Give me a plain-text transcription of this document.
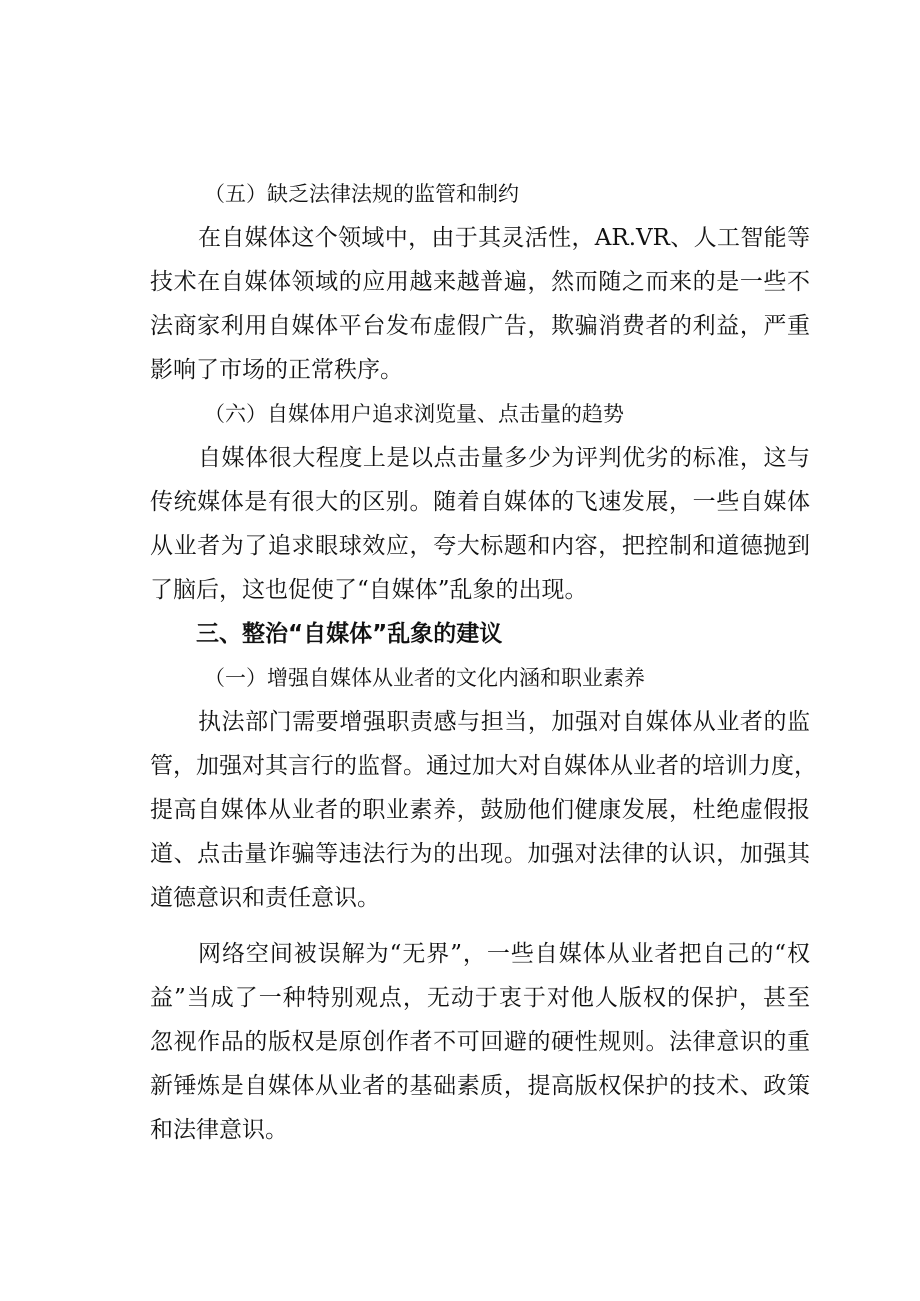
（五）缺乏法律法规的监管和制约

在自媒体这个领域中，由于其灵活性，AR.VR、人工智能等
技术在自媒体领域的应用越来越普遍，然而随之而来的是一些不
法商家利用自媒体平台发布虚假广告，欺骗消费者的利益，严重
影响了市场的正常秩序。

（六）自媒体用户追求浏览量、点击量的趋势

自媒体很大程度上是以点击量多少为评判优劣的标准，这与
传统媒体是有很大的区别。随着自媒体的飞速发展，一些自媒体
从业者为了追求眼球效应，夸大标题和内容，把控制和道德抛到
了脑后，这也促使了“自媒体”乱象的出现。

三、整治“自媒体”乱象的建议

（一）增强自媒体从业者的文化内涵和职业素养

执法部门需要增强职责感与担当，加强对自媒体从业者的监
管，加强对其言行的监督。通过加大对自媒体从业者的培训力度，
提高自媒体从业者的职业素养，鼓励他们健康发展，杜绝虚假报
道、点击量诈骗等违法行为的出现。加强对法律的认识，加强其
道德意识和责任意识。
网络空间被误解为“无界”，一些自媒体从业者把自己的“权
益”当成了一种特别观点，无动于衷于对他人版权的保护，甚至
忽视作品的版权是原创作者不可回避的硬性规则。法律意识的重
新锤炼是自媒体从业者的基础素质，提高版权保护的技术、政策
和法律意识。
